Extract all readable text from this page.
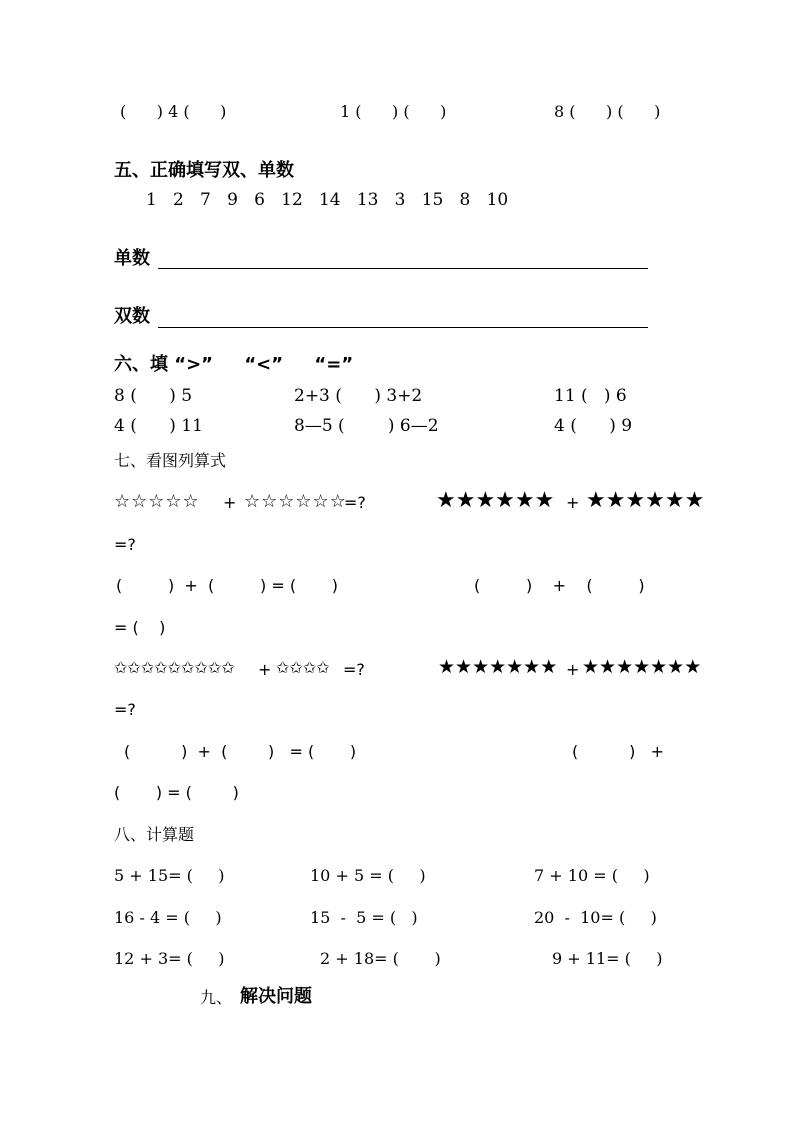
(      ) 4 (      )	1 (      ) (      )	8 (      ) (      )
五、正确填写双、单数
1   2   7   9   6   12   14   13   3   15   8   10
单数
双数
六、填 “>”     “<”     “=”
8 (      ) 5	2+3 (      ) 3+2	11 (   ) 6
4 (      ) 11	8—5 (        ) 6—2	4 (      ) 9
七、看图列算式
☆☆☆☆☆ + ☆☆☆☆☆☆
=?	★★★★★★ + ★★★★★★
=?
(         )  +  (         ) = (       )	(         )    +    (         )
= (    )
✩✩✩✩✩✩✩✩✩ + ✩✩✩✩ =?	★★★★★★★ + ★★★★★★★
=?
(          )  +  (        )   = (       )	(          )   +
(       ) = (        )
八、计算题
5 + 15= (     )	10 + 5 = (     )	7 + 10 = (     )
16 - 4 = (     )	15  -  5 = (   )	20  -  10= (     )
12 + 3= (     )	2 + 18= (       )	9 + 11= (     )
九、 解决问题
